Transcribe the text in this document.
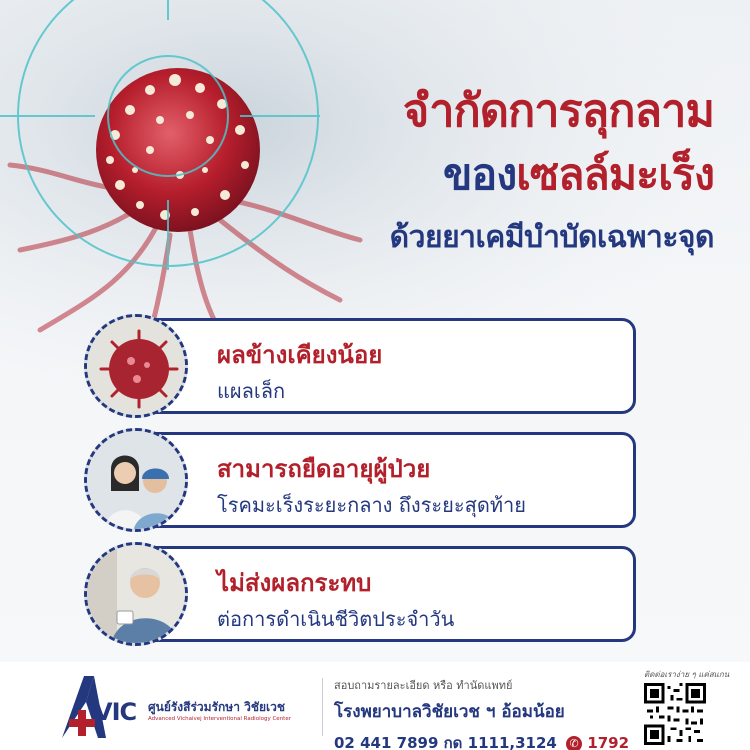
จำกัดการลุกลาม
ของเซลล์มะเร็ง
ด้วยยาเคมีบำบัดเฉพาะจุด
ผลข้างเคียงน้อย
แผลเล็ก
สามารถยืดอายุผู้ป่วย
โรคมะเร็งระยะกลาง ถึงระยะสุดท้าย
ไม่ส่งผลกระทบ
ต่อการดำเนินชีวิตประจำวัน
VIC ศูนย์รังสีร่วมรักษา วิชัยเวช
Advanced Vichaivej Interventional Radiology Center
สอบถามรายละเอียด หรือ ทำนัดแพทย์
โรงพยาบาลวิชัยเวช ฯ อ้อมน้อย
02 441 7899 กด 1111,3124 ✆ 1792
ติดต่อเราง่าย ๆ แค่สแกน
